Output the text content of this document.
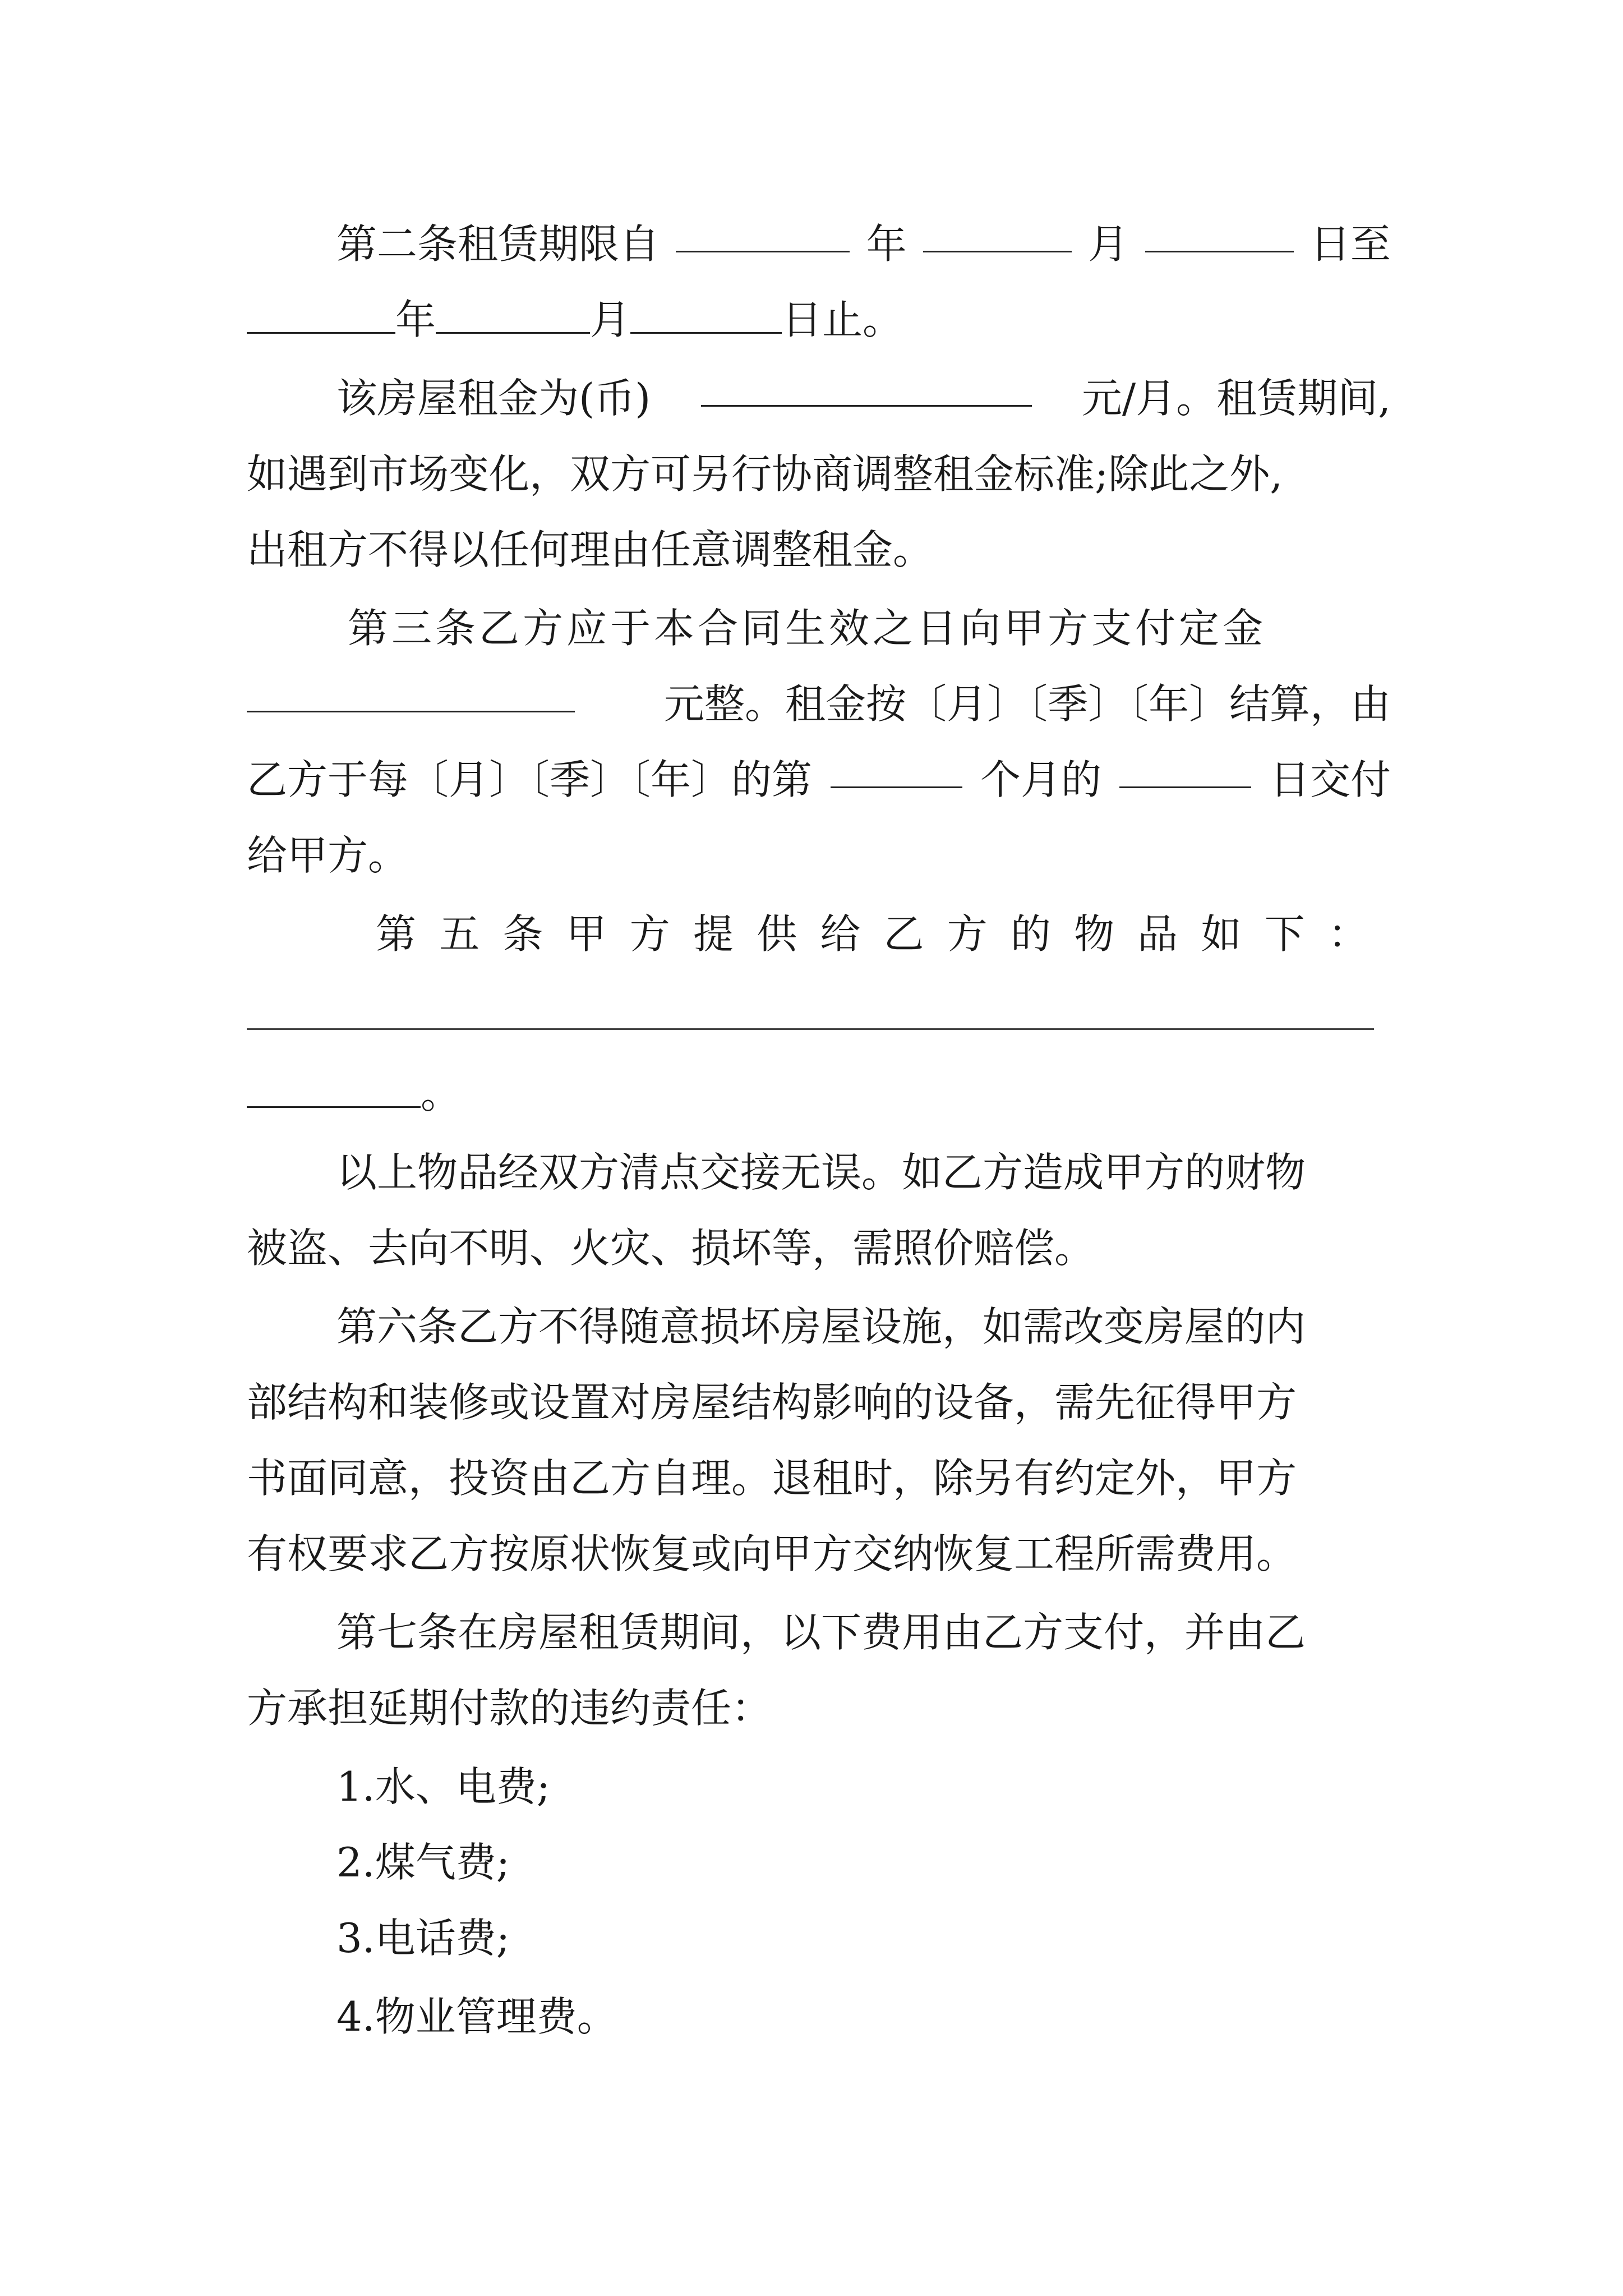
第二条租赁期限自	年	月	日至
年	月	日止。
该房屋租金为(币)	元/月。租赁期间,
如遇到市场变化，双方可另行协商调整租金标准;除此之外,
出租方不得以任何理由任意调整租金。
第三条乙方应于本合同生效之日向甲方支付定金
元整。租金按〔月〕〔季〕〔年〕结算，由
乙方于每〔月〕〔季〕〔年〕的第	个月的	日交付
给甲方。
第 五 条 甲 方 提 供 给 乙 方 的 物 品 如 下 ：
。
以上物品经双方清点交接无误。如乙方造成甲方的财物
被盗、去向不明、火灾、损坏等，需照价赔偿。
第六条乙方不得随意损坏房屋设施，如需改变房屋的内
部结构和装修或设置对房屋结构影响的设备，需先征得甲方
书面同意，投资由乙方自理。退租时，除另有约定外，甲方
有权要求乙方按原状恢复或向甲方交纳恢复工程所需费用。
第七条在房屋租赁期间，以下费用由乙方支付，并由乙
方承担延期付款的违约责任：
1.水、电费;
2.煤气费;
3.电话费;
4.物业管理费。
